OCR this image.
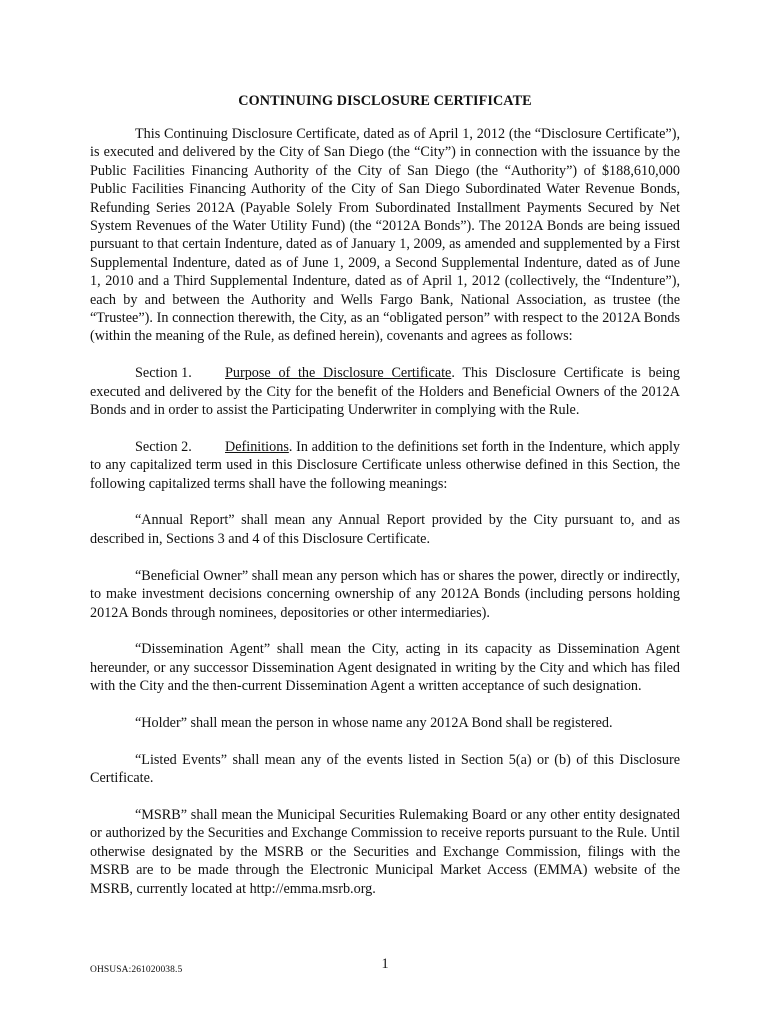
CONTINUING DISCLOSURE CERTIFICATE

This Continuing Disclosure Certificate, dated as of April 1, 2012 (the “Disclosure Certificate”), is executed and delivered by the City of San Diego (the “City”) in connection with the issuance by the Public Facilities Financing Authority of the City of San Diego (the “Authority”) of $188,610,000 Public Facilities Financing Authority of the City of San Diego Subordinated Water Revenue Bonds, Refunding Series 2012A (Payable Solely From Subordinated Installment Payments Secured by Net System Revenues of the Water Utility Fund) (the “2012A Bonds”). The 2012A Bonds are being issued pursuant to that certain Indenture, dated as of January 1, 2009, as amended and supplemented by a First Supplemental Indenture, dated as of June 1, 2009, a Second Supplemental Indenture, dated as of June 1, 2010 and a Third Supplemental Indenture, dated as of April 1, 2012 (collectively, the “Indenture”), each by and between the Authority and Wells Fargo Bank, National Association, as trustee (the “Trustee”). In connection therewith, the City, as an “obligated person” with respect to the 2012A Bonds (within the meaning of the Rule, as defined herein), covenants and agrees as follows:

Section 1. Purpose of the Disclosure Certificate. This Disclosure Certificate is being executed and delivered by the City for the benefit of the Holders and Beneficial Owners of the 2012A Bonds and in order to assist the Participating Underwriter in complying with the Rule.

Section 2. Definitions. In addition to the definitions set forth in the Indenture, which apply to any capitalized term used in this Disclosure Certificate unless otherwise defined in this Section, the following capitalized terms shall have the following meanings:

“Annual Report” shall mean any Annual Report provided by the City pursuant to, and as described in, Sections 3 and 4 of this Disclosure Certificate.

“Beneficial Owner” shall mean any person which has or shares the power, directly or indirectly, to make investment decisions concerning ownership of any 2012A Bonds (including persons holding 2012A Bonds through nominees, depositories or other intermediaries).

“Dissemination Agent” shall mean the City, acting in its capacity as Dissemination Agent hereunder, or any successor Dissemination Agent designated in writing by the City and which has filed with the City and the then-current Dissemination Agent a written acceptance of such designation.

“Holder” shall mean the person in whose name any 2012A Bond shall be registered.

“Listed Events” shall mean any of the events listed in Section 5(a) or (b) of this Disclosure Certificate.

“MSRB” shall mean the Municipal Securities Rulemaking Board or any other entity designated or authorized by the Securities and Exchange Commission to receive reports pursuant to the Rule. Until otherwise designated by the MSRB or the Securities and Exchange Commission, filings with the MSRB are to be made through the Electronic Municipal Market Access (EMMA) website of the MSRB, currently located at http://emma.msrb.org.

OHSUSA:261020038.5	1
